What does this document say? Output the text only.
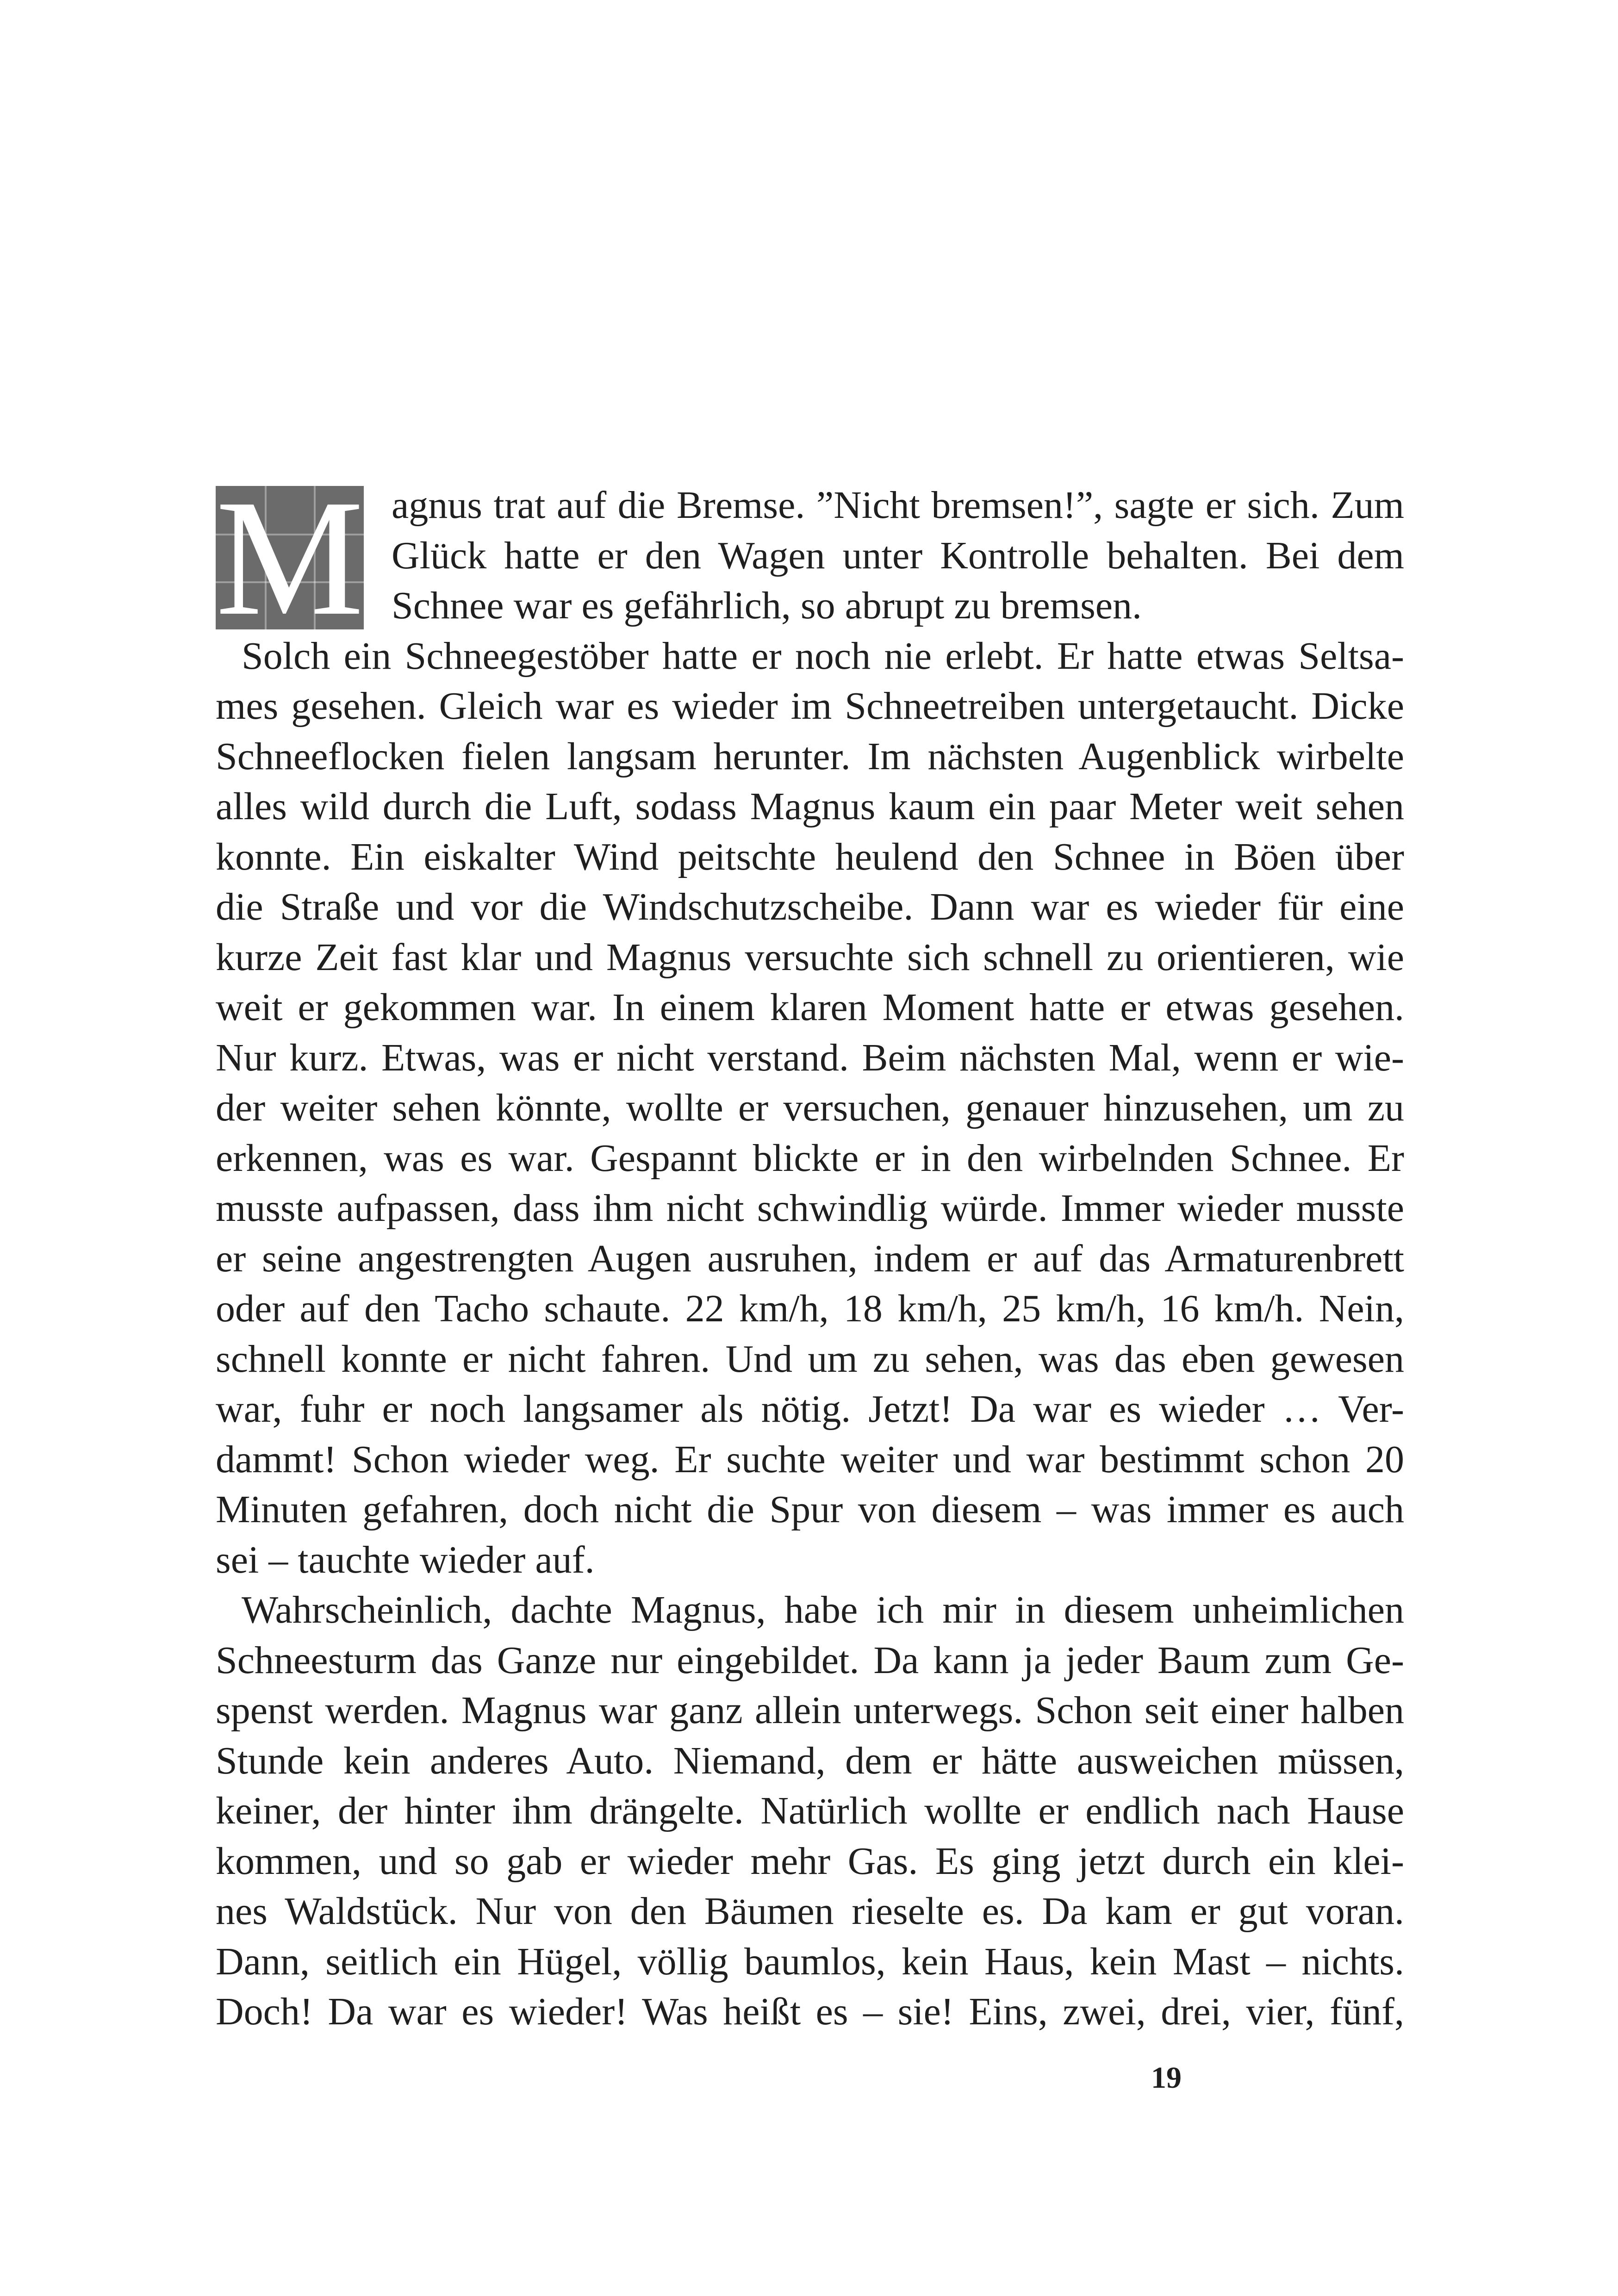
M agnus trat auf die Bremse. ”Nicht bremsen!”, sagte er sich. Zum
Glück hatte er den Wagen unter Kontrolle behalten. Bei dem
Schnee war es gefährlich, so abrupt zu bremsen.
Solch ein Schneegestöber hatte er noch nie erlebt. Er hatte etwas Seltsa-
mes gesehen. Gleich war es wieder im Schneetreiben untergetaucht. Dicke
Schneeflocken fielen langsam herunter. Im nächsten Augenblick wirbelte
alles wild durch die Luft, sodass Magnus kaum ein paar Meter weit sehen
konnte. Ein eiskalter Wind peitschte heulend den Schnee in Böen über
die Straße und vor die Windschutzscheibe. Dann war es wieder für eine
kurze Zeit fast klar und Magnus versuchte sich schnell zu orientieren, wie
weit er gekommen war. In einem klaren Moment hatte er etwas gesehen.
Nur kurz. Etwas, was er nicht verstand. Beim nächsten Mal, wenn er wie-
der weiter sehen könnte, wollte er versuchen, genauer hinzusehen, um zu
erkennen, was es war. Gespannt blickte er in den wirbelnden Schnee. Er
musste aufpassen, dass ihm nicht schwindlig würde. Immer wieder musste
er seine angestrengten Augen ausruhen, indem er auf das Armaturenbrett
oder auf den Tacho schaute. 22 km/h, 18 km/h, 25 km/h, 16 km/h. Nein,
schnell konnte er nicht fahren. Und um zu sehen, was das eben gewesen
war, fuhr er noch langsamer als nötig. Jetzt! Da war es wieder … Ver-
dammt! Schon wieder weg. Er suchte weiter und war bestimmt schon 20
Minuten gefahren, doch nicht die Spur von diesem – was immer es auch
sei – tauchte wieder auf.
Wahrscheinlich, dachte Magnus, habe ich mir in diesem unheimlichen
Schneesturm das Ganze nur eingebildet. Da kann ja jeder Baum zum Ge-
spenst werden. Magnus war ganz allein unterwegs. Schon seit einer halben
Stunde kein anderes Auto. Niemand, dem er hätte ausweichen müssen,
keiner, der hinter ihm drängelte. Natürlich wollte er endlich nach Hause
kommen, und so gab er wieder mehr Gas. Es ging jetzt durch ein klei-
nes Waldstück. Nur von den Bäumen rieselte es. Da kam er gut voran.
Dann, seitlich ein Hügel, völlig baumlos, kein Haus, kein Mast – nichts.
Doch! Da war es wieder! Was heißt es – sie! Eins, zwei, drei, vier, fünf,
19
